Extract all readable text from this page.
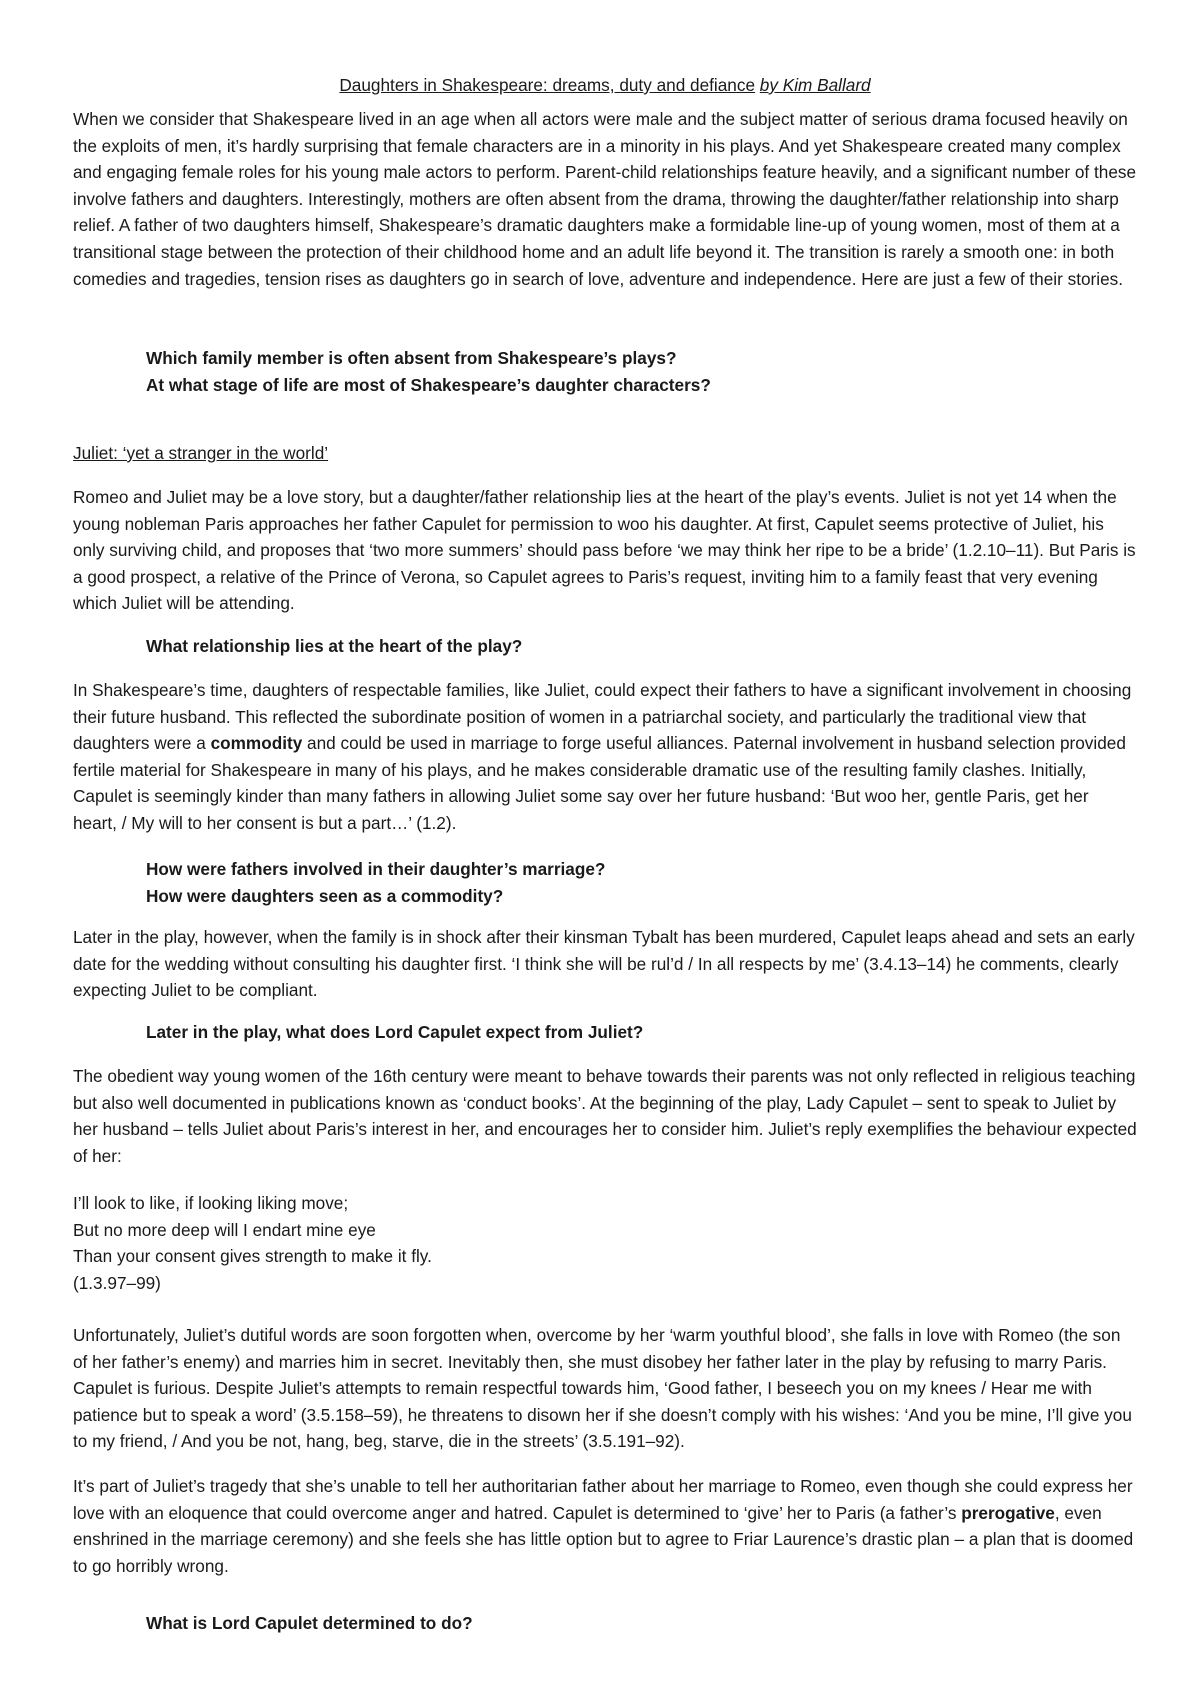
Daughters in Shakespeare: dreams, duty and defiance by Kim Ballard

When we consider that Shakespeare lived in an age when all actors were male and the subject matter of serious drama focused heavily on the exploits of men, it’s hardly surprising that female characters are in a minority in his plays. And yet Shakespeare created many complex and engaging female roles for his young male actors to perform. Parent-child relationships feature heavily, and a significant number of these involve fathers and daughters. Interestingly, mothers are often absent from the drama, throwing the daughter/father relationship into sharp relief. A father of two daughters himself, Shakespeare’s dramatic daughters make a formidable line-up of young women, most of them at a transitional stage between the protection of their childhood home and an adult life beyond it. The transition is rarely a smooth one: in both comedies and tragedies, tension rises as daughters go in search of love, adventure and independence. Here are just a few of their stories.

Which family member is often absent from Shakespeare’s plays?
At what stage of life are most of Shakespeare’s daughter characters?

Juliet: ‘yet a stranger in the world’

Romeo and Juliet may be a love story, but a daughter/father relationship lies at the heart of the play’s events. Juliet is not yet 14 when the young nobleman Paris approaches her father Capulet for permission to woo his daughter. At first, Capulet seems protective of Juliet, his only surviving child, and proposes that ‘two more summers’ should pass before ‘we may think her ripe to be a bride’ (1.2.10–11). But Paris is a good prospect, a relative of the Prince of Verona, so Capulet agrees to Paris’s request, inviting him to a family feast that very evening which Juliet will be attending.

What relationship lies at the heart of the play?

In Shakespeare’s time, daughters of respectable families, like Juliet, could expect their fathers to have a significant involvement in choosing their future husband. This reflected the subordinate position of women in a patriarchal society, and particularly the traditional view that daughters were a commodity and could be used in marriage to forge useful alliances. Paternal involvement in husband selection provided fertile material for Shakespeare in many of his plays, and he makes considerable dramatic use of the resulting family clashes. Initially, Capulet is seemingly kinder than many fathers in allowing Juliet some say over her future husband: ‘But woo her, gentle Paris, get her heart, / My will to her consent is but a part…’ (1.2).

How were fathers involved in their daughter’s marriage?
How were daughters seen as a commodity?

Later in the play, however, when the family is in shock after their kinsman Tybalt has been murdered, Capulet leaps ahead and sets an early date for the wedding without consulting his daughter first. ‘I think she will be rul’d / In all respects by me’ (3.4.13–14) he comments, clearly expecting Juliet to be compliant.

Later in the play, what does Lord Capulet expect from Juliet?

The obedient way young women of the 16th century were meant to behave towards their parents was not only reflected in religious teaching but also well documented in publications known as ‘conduct books’. At the beginning of the play, Lady Capulet – sent to speak to Juliet by her husband – tells Juliet about Paris’s interest in her, and encourages her to consider him. Juliet’s reply exemplifies the behaviour expected of her:

I’ll look to like, if looking liking move;
But no more deep will I endart mine eye
Than your consent gives strength to make it fly.
(1.3.97–99)

Unfortunately, Juliet’s dutiful words are soon forgotten when, overcome by her ‘warm youthful blood’, she falls in love with Romeo (the son of her father’s enemy) and marries him in secret. Inevitably then, she must disobey her father later in the play by refusing to marry Paris. Capulet is furious. Despite Juliet’s attempts to remain respectful towards him, ‘Good father, I beseech you on my knees / Hear me with patience but to speak a word’ (3.5.158–59), he threatens to disown her if she doesn’t comply with his wishes: ‘And you be mine, I’ll give you to my friend, / And you be not, hang, beg, starve, die in the streets’ (3.5.191–92).

It’s part of Juliet’s tragedy that she’s unable to tell her authoritarian father about her marriage to Romeo, even though she could express her love with an eloquence that could overcome anger and hatred. Capulet is determined to ‘give’ her to Paris (a father’s prerogative, even enshrined in the marriage ceremony) and she feels she has little option but to agree to Friar Laurence’s drastic plan – a plan that is doomed to go horribly wrong.

What is Lord Capulet determined to do?
